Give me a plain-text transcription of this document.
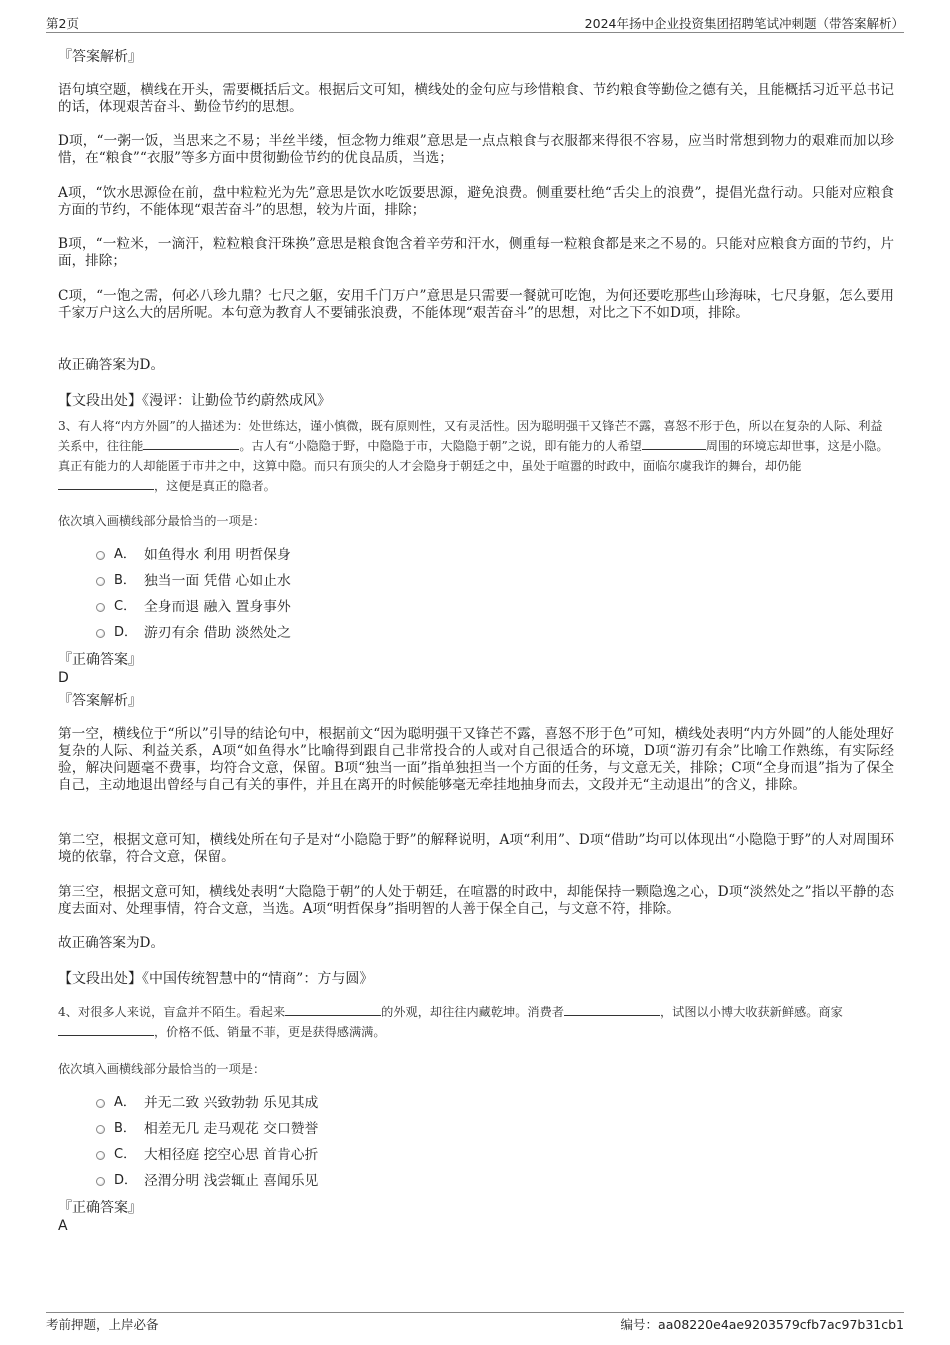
第2页	2024年扬中企业投资集团招聘笔试冲刺题（带答案解析）
『答案解析』
语句填空题，横线在开头，需要概括后文。根据后文可知，横线处的金句应与珍惜粮食、节约粮食等勤俭之德有关，且能概括习近平总书记的话，体现艰苦奋斗、勤俭节约的思想。
D项，“一粥一饭，当思来之不易；半丝半缕，恒念物力维艰”意思是一点点粮食与衣服都来得很不容易，应当时常想到物力的艰难而加以珍惜，在“粮食”“衣服”等多方面中贯彻勤俭节约的优良品质，当选；
A项，“饮水思源俭在前，盘中粒粒光为先”意思是饮水吃饭要思源，避免浪费。侧重要杜绝“舌尖上的浪费”，提倡光盘行动。只能对应粮食方面的节约，不能体现“艰苦奋斗”的思想，较为片面，排除；
B项，“一粒米，一滴汗，粒粒粮食汗珠换”意思是粮食饱含着辛劳和汗水，侧重每一粒粮食都是来之不易的。只能对应粮食方面的节约，片面，排除；
C项，“一饱之需，何必八珍九鼎？七尺之躯，安用千门万户”意思是只需要一餐就可吃饱，为何还要吃那些山珍海味，七尺身躯，怎么要用千家万户这么大的居所呢。本句意为教育人不要铺张浪费，不能体现“艰苦奋斗”的思想，对比之下不如D项，排除。
故正确答案为D。
【文段出处】《漫评：让勤俭节约蔚然成风》
3、有人将“内方外圆”的人描述为：处世练达，谨小慎微，既有原则性，又有灵活性。因为聪明强干又锋芒不露，喜怒不形于色，所以在复杂的人际、利益关系中，往往能	。古人有“小隐隐于野，中隐隐于市，大隐隐于朝”之说，即有能力的人希望	周围的环境忘却世事，这是小隐。真正有能力的人却能匿于市井之中，这算中隐。而只有顶尖的人才会隐身于朝廷之中，虽处于喧嚣的时政中，面临尔虞我诈的舞台，却仍能，这便是真正的隐者。
依次填入画横线部分最恰当的一项是：
A． 如鱼得水 利用 明哲保身
B． 独当一面 凭借 心如止水
C． 全身而退 融入 置身事外
D． 游刃有余 借助 淡然处之
『正确答案』
D
『答案解析』
第一空，横线位于“所以”引导的结论句中，根据前文“因为聪明强干又锋芒不露，喜怒不形于色”可知，横线处表明“内方外圆”的人能处理好复杂的人际、利益关系，A项“如鱼得水”比喻得到跟自己非常投合的人或对自己很适合的环境，D项“游刃有余”比喻工作熟练，有实际经验，解决问题毫不费事，均符合文意，保留。B项“独当一面”指单独担当一个方面的任务，与文意无关，排除；C项“全身而退”指为了保全自己，主动地退出曾经与自己有关的事件，并且在离开的时候能够毫无牵挂地抽身而去，文段并无“主动退出”的含义，排除。
第二空，根据文意可知，横线处所在句子是对“小隐隐于野”的解释说明，A项“利用”、D项“借助”均可以体现出“小隐隐于野”的人对周围环境的依靠，符合文意，保留。
第三空，根据文意可知，横线处表明“大隐隐于朝”的人处于朝廷，在喧嚣的时政中，却能保持一颗隐逸之心，D项“淡然处之”指以平静的态度去面对、处理事情，符合文意，当选。A项“明哲保身”指明智的人善于保全自己，与文意不符，排除。
故正确答案为D。
【文段出处】《中国传统智慧中的“情商”：方与圆》
4、对很多人来说，盲盒并不陌生。看起来	的外观，却往往内藏乾坤。消费者	，试图以小博大收获新鲜感。商家，价格不低、销量不菲，更是获得感满满。
依次填入画横线部分最恰当的一项是：
A． 并无二致 兴致勃勃 乐见其成
B． 相差无几 走马观花 交口赞誉
C． 大相径庭 挖空心思 首肯心折
D． 泾渭分明 浅尝辄止 喜闻乐见
『正确答案』
A
考前押题，上岸必备	编号：aa08220e4ae9203579cfb7ac97b31cb1
